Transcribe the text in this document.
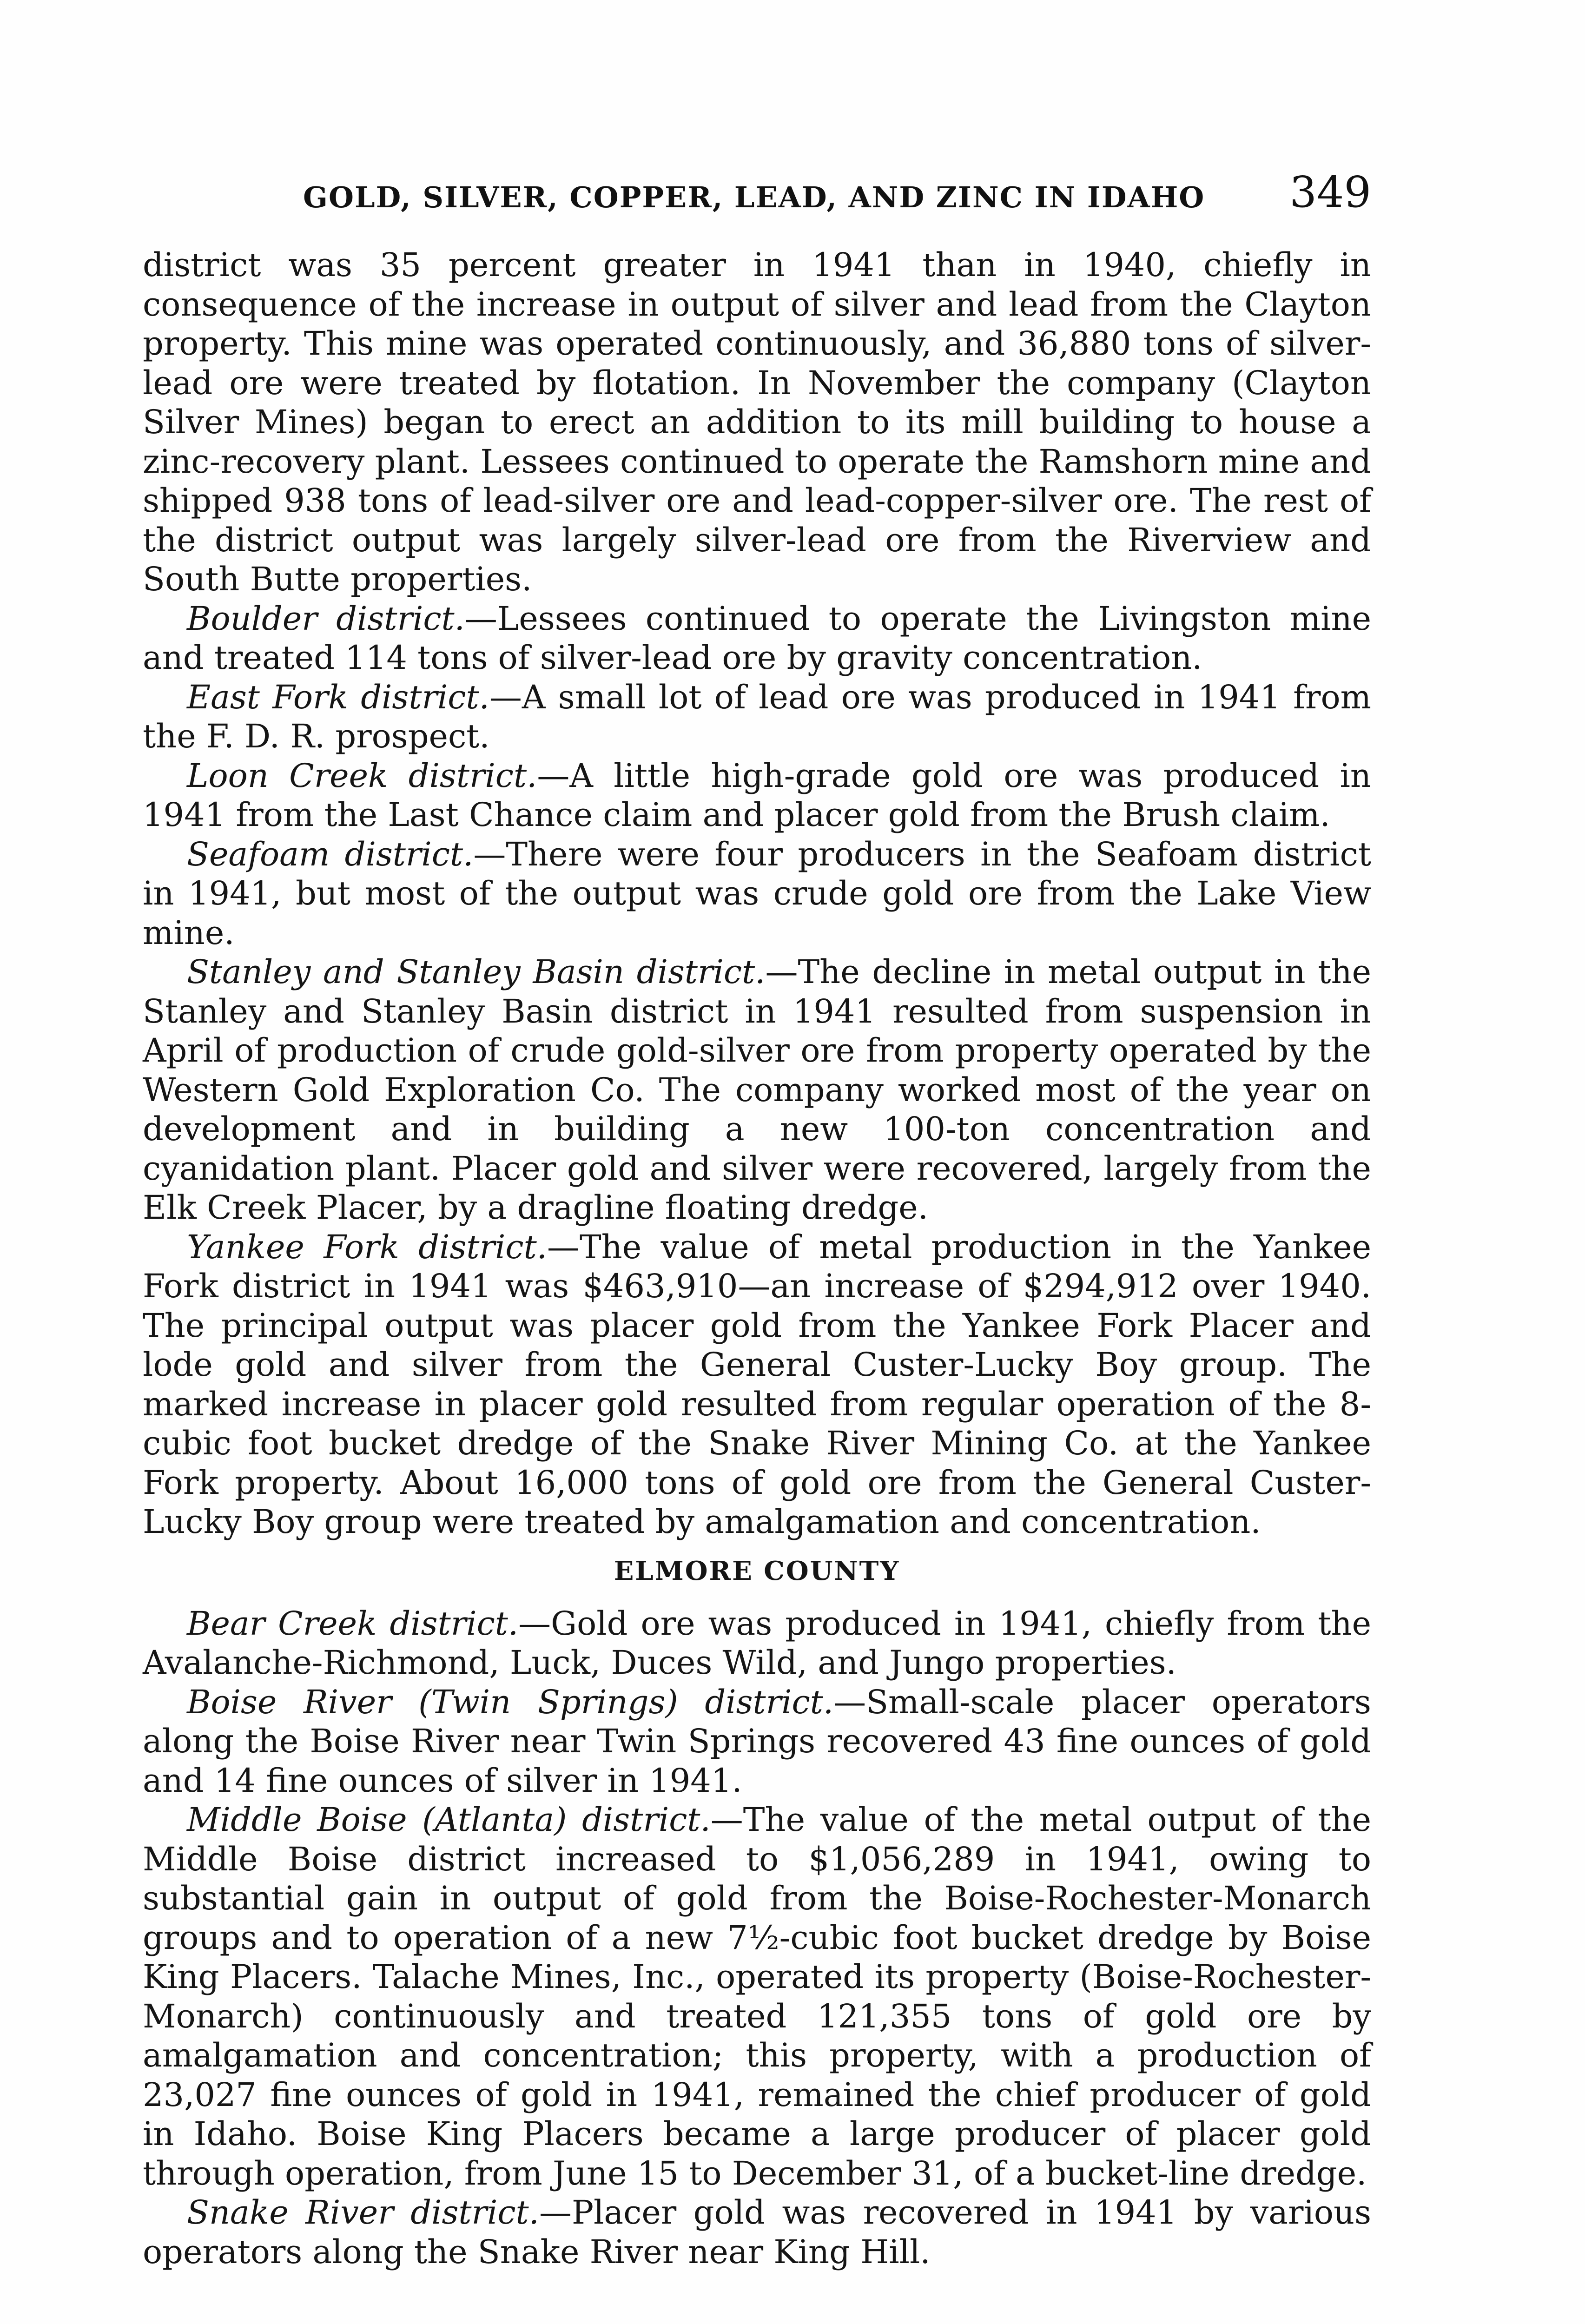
GOLD, SILVER, COPPER, LEAD, AND ZINC IN IDAHO 349

district was 35 percent greater in 1941 than in 1940, chiefly in consequence of the increase in output of silver and lead from the Clayton property. This mine was operated continuously, and 36,880 tons of silver-lead ore were treated by flotation. In November the company (Clayton Silver Mines) began to erect an addition to its mill building to house a zinc-recovery plant. Lessees continued to operate the Ramshorn mine and shipped 938 tons of lead-silver ore and lead-copper-silver ore. The rest of the district output was largely silver-lead ore from the Riverview and South Butte properties.

Boulder district.—Lessees continued to operate the Livingston mine and treated 114 tons of silver-lead ore by gravity concentration.

East Fork district.—A small lot of lead ore was produced in 1941 from the F. D. R. prospect.

Loon Creek district.—A little high-grade gold ore was produced in 1941 from the Last Chance claim and placer gold from the Brush claim.

Seafoam district.—There were four producers in the Seafoam district in 1941, but most of the output was crude gold ore from the Lake View mine.

Stanley and Stanley Basin district.—The decline in metal output in the Stanley and Stanley Basin district in 1941 resulted from suspension in April of production of crude gold-silver ore from property operated by the Western Gold Exploration Co. The company worked most of the year on development and in building a new 100-ton concentration and cyanidation plant. Placer gold and silver were recovered, largely from the Elk Creek Placer, by a dragline floating dredge.

Yankee Fork district.—The value of metal production in the Yankee Fork district in 1941 was $463,910—an increase of $294,912 over 1940. The principal output was placer gold from the Yankee Fork Placer and lode gold and silver from the General Custer-Lucky Boy group. The marked increase in placer gold resulted from regular operation of the 8-cubic foot bucket dredge of the Snake River Mining Co. at the Yankee Fork property. About 16,000 tons of gold ore from the General Custer-Lucky Boy group were treated by amalgamation and concentration.

ELMORE COUNTY

Bear Creek district.—Gold ore was produced in 1941, chiefly from the Avalanche-Richmond, Luck, Duces Wild, and Jungo properties.

Boise River (Twin Springs) district.—Small-scale placer operators along the Boise River near Twin Springs recovered 43 fine ounces of gold and 14 fine ounces of silver in 1941.

Middle Boise (Atlanta) district.—The value of the metal output of the Middle Boise district increased to $1,056,289 in 1941, owing to substantial gain in output of gold from the Boise-Rochester-Monarch groups and to operation of a new 7½-cubic foot bucket dredge by Boise King Placers. Talache Mines, Inc., operated its property (Boise-Rochester-Monarch) continuously and treated 121,355 tons of gold ore by amalgamation and concentration; this property, with a production of 23,027 fine ounces of gold in 1941, remained the chief producer of gold in Idaho. Boise King Placers became a large producer of placer gold through operation, from June 15 to December 31, of a bucket-line dredge.

Snake River district.—Placer gold was recovered in 1941 by various operators along the Snake River near King Hill.
